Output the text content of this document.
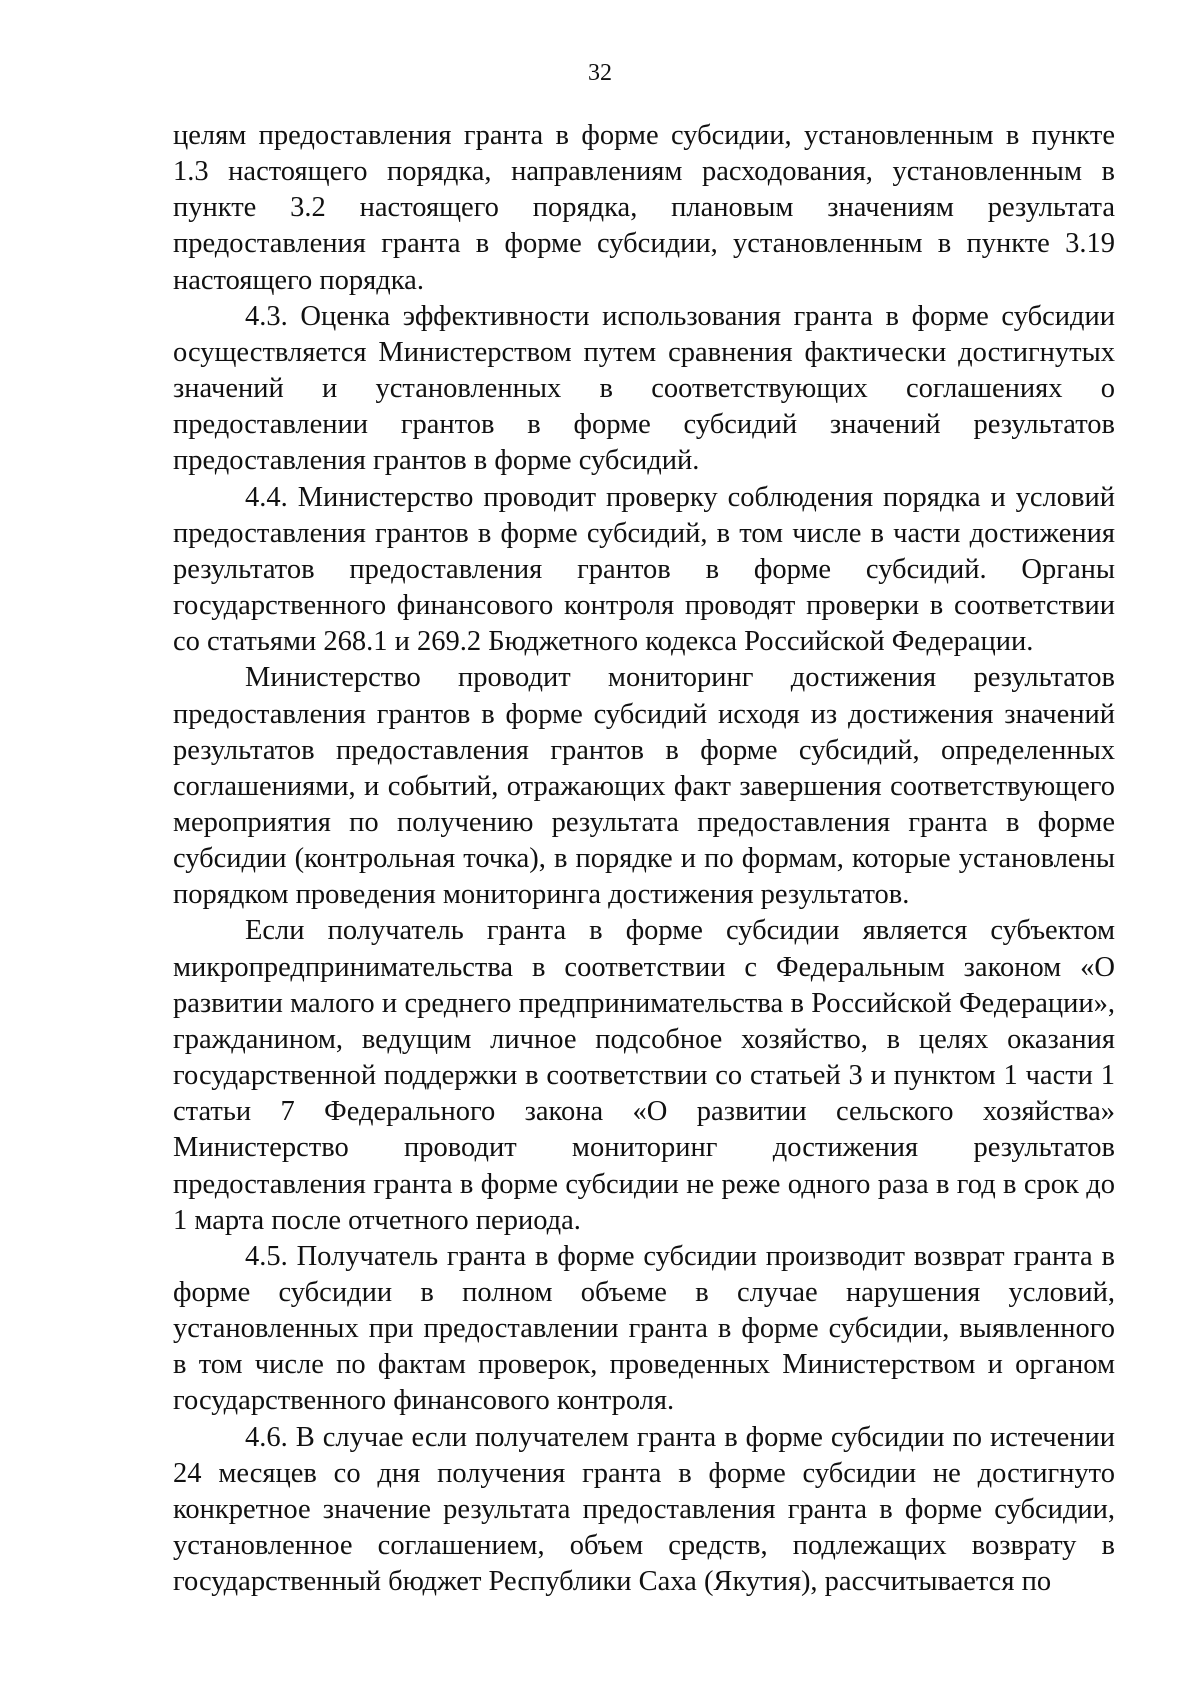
32

целям предоставления гранта в форме субсидии, установленным в пункте 1.3 настоящего порядка, направлениям расходования, установленным в пункте 3.2 настоящего порядка, плановым значениям результата предоставления гранта в форме субсидии, установленным в пункте 3.19 настоящего порядка.

4.3. Оценка эффективности использования гранта в форме субсидии осуществляется Министерством путем сравнения фактически достигнутых значений и установленных в соответствующих соглашениях о предоставлении грантов в форме субсидий значений результатов предоставления грантов в форме субсидий.

4.4. Министерство проводит проверку соблюдения порядка и условий предоставления грантов в форме субсидий, в том числе в части достижения результатов предоставления грантов в форме субсидий. Органы государственного финансового контроля проводят проверки в соответствии со статьями 268.1 и 269.2 Бюджетного кодекса Российской Федерации.

Министерство проводит мониторинг достижения результатов предоставления грантов в форме субсидий исходя из достижения значений результатов предоставления грантов в форме субсидий, определенных соглашениями, и событий, отражающих факт завершения соответствующего мероприятия по получению результата предоставления гранта в форме субсидии (контрольная точка), в порядке и по формам, которые установлены порядком проведения мониторинга достижения результатов.

Если получатель гранта в форме субсидии является субъектом микропредпринимательства в соответствии с Федеральным законом «О развитии малого и среднего предпринимательства в Российской Федерации», гражданином, ведущим личное подсобное хозяйство, в целях оказания государственной поддержки в соответствии со статьей 3 и пунктом 1 части 1 статьи 7 Федерального закона «О развитии сельского хозяйства» Министерство проводит мониторинг достижения результатов предоставления гранта в форме субсидии не реже одного раза в год в срок до 1 марта после отчетного периода.

4.5. Получатель гранта в форме субсидии производит возврат гранта в форме субсидии в полном объеме в случае нарушения условий, установленных при предоставлении гранта в форме субсидии, выявленного в том числе по фактам проверок, проведенных Министерством и органом государственного финансового контроля.

4.6. В случае если получателем гранта в форме субсидии по истечении 24 месяцев со дня получения гранта в форме субсидии не достигнуто конкретное значение результата предоставления гранта в форме субсидии, установленное соглашением, объем средств, подлежащих возврату в государственный бюджет Республики Саха (Якутия), рассчитывается по
